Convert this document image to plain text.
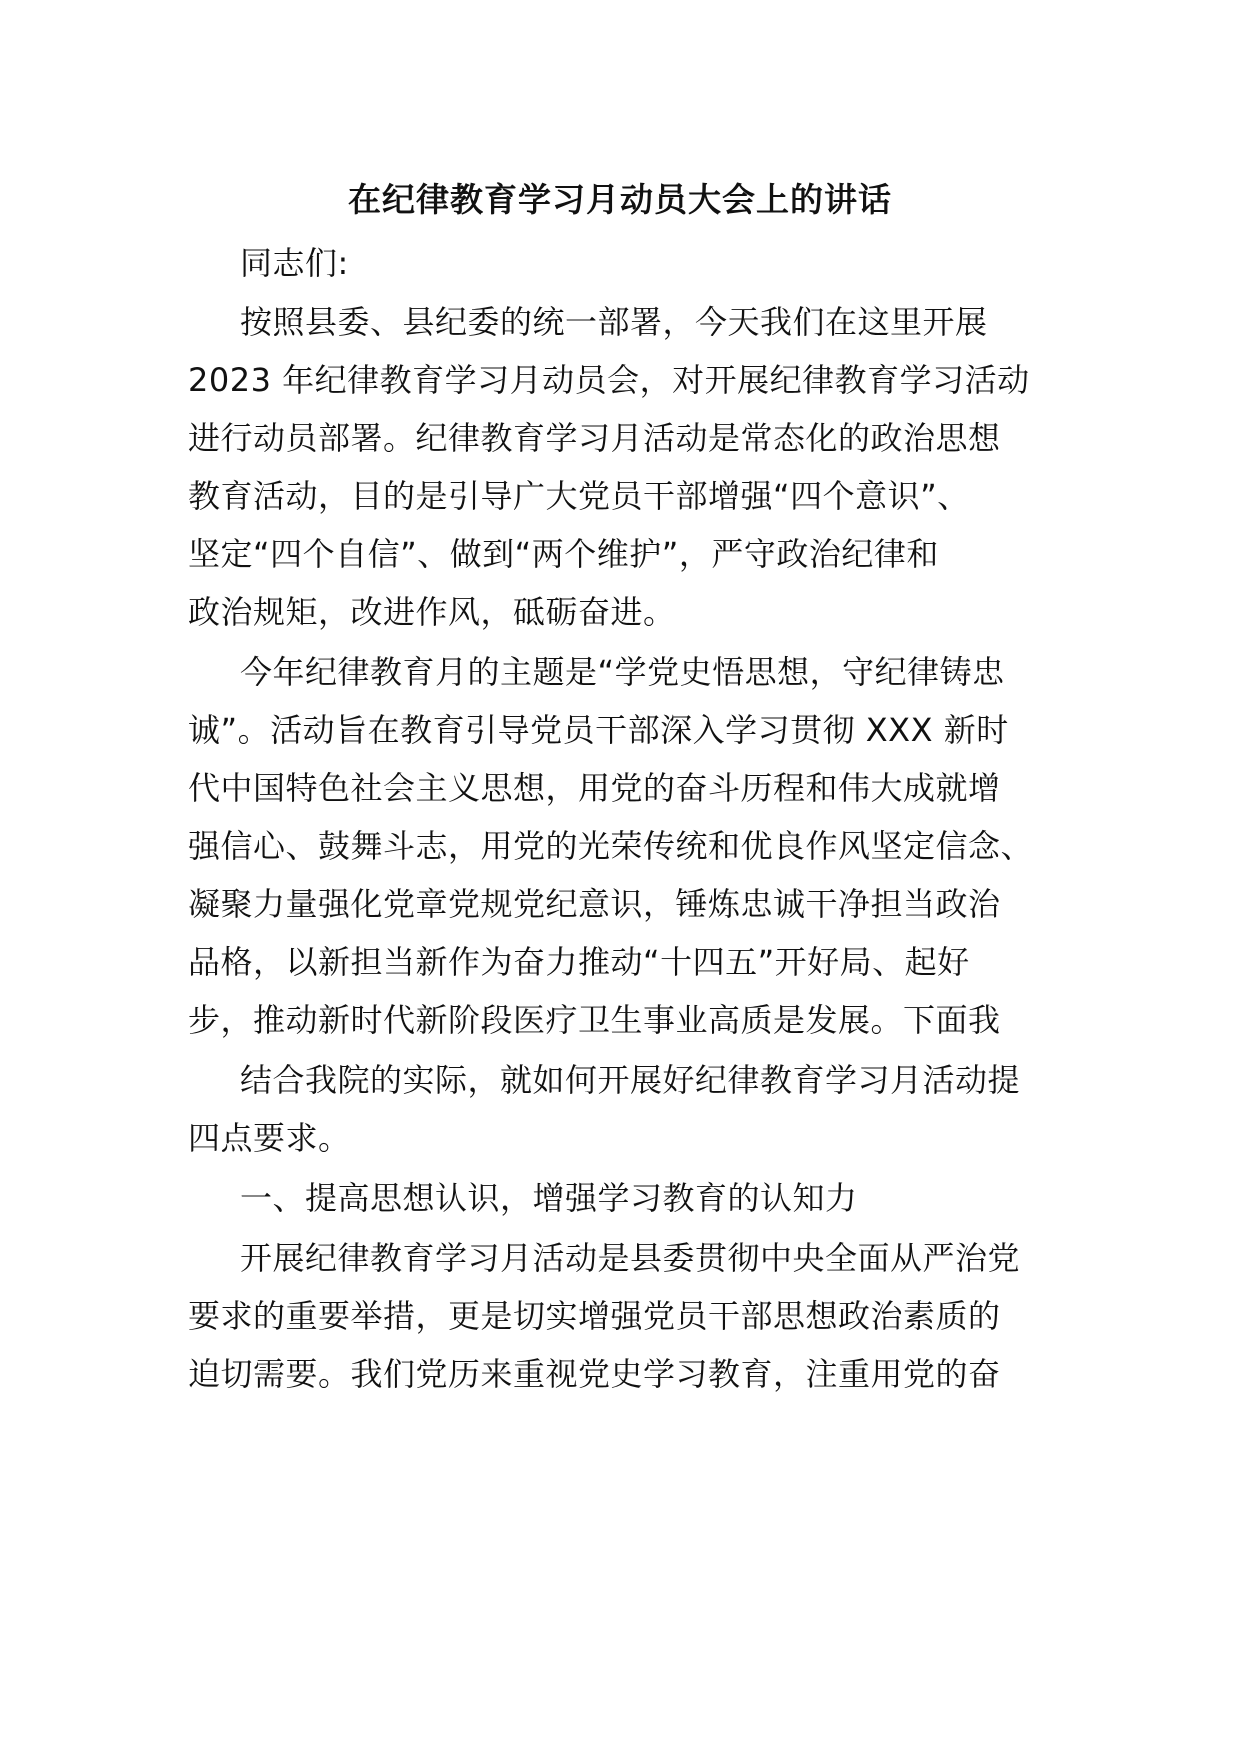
在纪律教育学习月动员大会上的讲话
同志们:
按照县委、县纪委的统一部署，今天我们在这里开展
2023 年纪律教育学习月动员会，对开展纪律教育学习活动
进行动员部署。纪律教育学习月活动是常态化的政治思想
教育活动，目的是引导广大党员干部增强“四个意识”、
坚定“四个自信”、做到“两个维护”，严守政治纪律和
政治规矩，改进作风，砥砺奋进。
今年纪律教育月的主题是“学党史悟思想，守纪律铸忠
诚”。活动旨在教育引导党员干部深入学习贯彻 XXX 新时
代中国特色社会主义思想，用党的奋斗历程和伟大成就增
强信心、鼓舞斗志，用党的光荣传统和优良作风坚定信念、
凝聚力量强化党章党规党纪意识，锤炼忠诚干净担当政治
品格，以新担当新作为奋力推动“十四五”开好局、起好
步，推动新时代新阶段医疗卫生事业高质是发展。下面我
结合我院的实际，就如何开展好纪律教育学习月活动提
四点要求。
一、提高思想认识，增强学习教育的认知力
开展纪律教育学习月活动是县委贯彻中央全面从严治党
要求的重要举措，更是切实增强党员干部思想政治素质的
迫切需要。我们党历来重视党史学习教育，注重用党的奋
